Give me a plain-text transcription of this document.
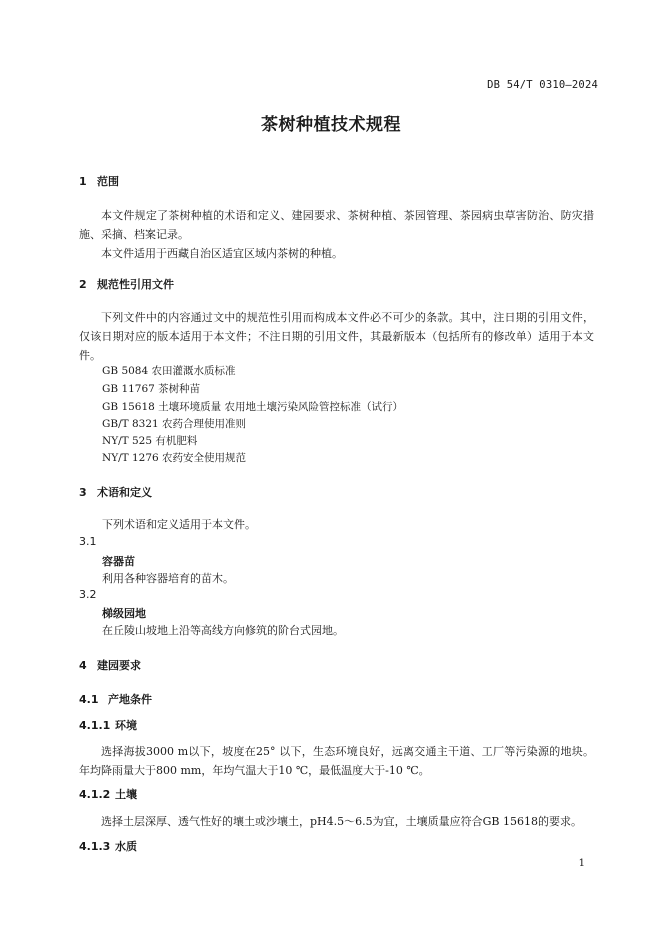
DB 54/T 0310—2024
茶树种植技术规程
1 范围

本文件规定了茶树种植的术语和定义、建园要求、茶树种植、茶园管理、茶园病虫草害防治、防灾措施、采摘、档案记录。

本文件适用于西藏自治区适宜区域内茶树的种植。

2 规范性引用文件

下列文件中的内容通过文中的规范性引用而构成本文件必不可少的条款。其中，注日期的引用文件，仅该日期对应的版本适用于本文件；不注日期的引用文件，其最新版本（包括所有的修改单）适用于本文件。

GB 5084 农田灌溉水质标准
GB 11767 茶树种苗
GB 15618 土壤环境质量 农用地土壤污染风险管控标准（试行）
GB/T 8321 农药合理使用准则
NY/T 525 有机肥料
NY/T 1276 农药安全使用规范
3 术语和定义
下列术语和定义适用于本文件。
3.1
容器苗
利用各种容器培育的苗木。
3.2
梯级园地
在丘陵山坡地上沿等高线方向修筑的阶台式园地。
4 建园要求
4.1 产地条件
4.1.1 环境

选择海拔3000 m以下，坡度在25° 以下，生态环境良好，远离交通主干道、工厂等污染源的地块。年均降雨量大于800 mm，年均气温大于10 ℃，最低温度大于-10 ℃。

4.1.2 土壤

选择土层深厚、透气性好的壤土或沙壤土，pH4.5～6.5为宜，土壤质量应符合GB 15618的要求。

4.1.3 水质
1
